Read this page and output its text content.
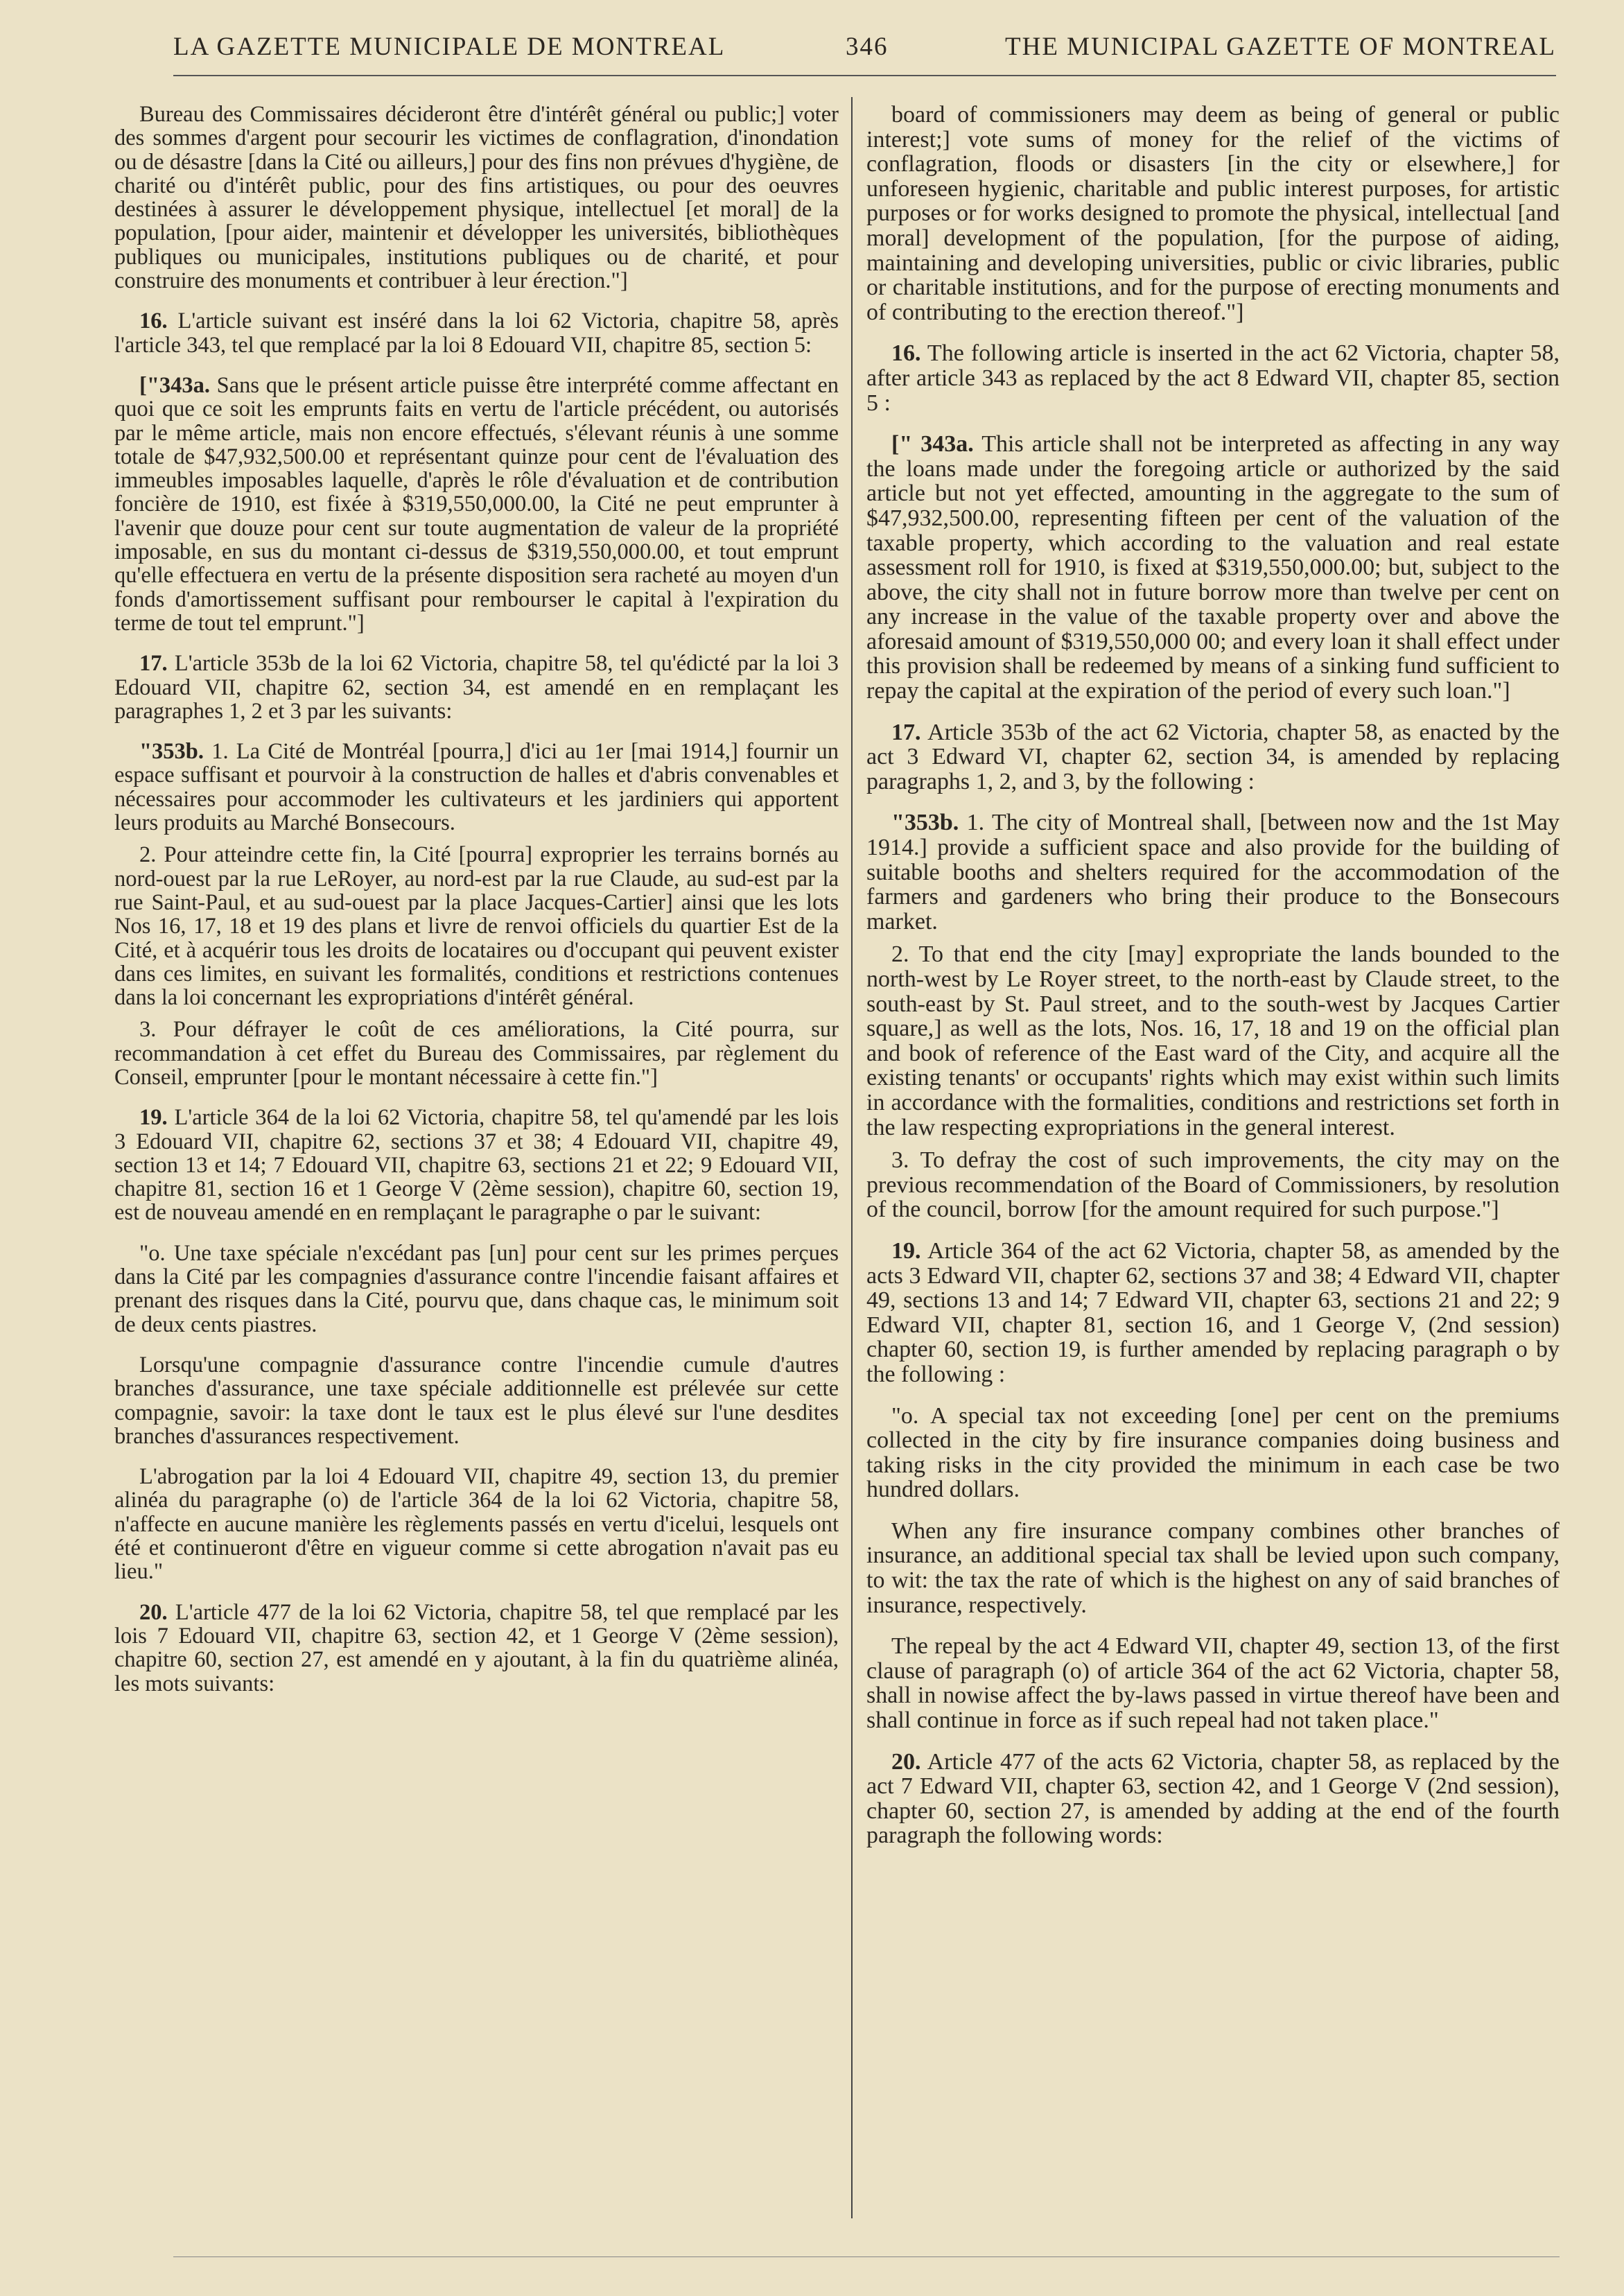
LA GAZETTE MUNICIPALE DE MONTREAL	346	THE MUNICIPAL GAZETTE OF MONTREAL

Bureau des Commissaires décideront être d'intérêt général ou public;] voter des sommes d'argent pour secourir les victimes de conflagration, d'inondation ou de désastre [dans la Cité ou ailleurs,] pour des fins non prévues d'hygiène, de charité ou d'intérêt public, pour des fins artistiques, ou pour des oeuvres destinées à assurer le développement physique, intellectuel [et moral] de la population, [pour aider, maintenir et développer les universités, bibliothèques publiques ou municipales, institutions publiques ou de charité, et pour construire des monuments et contribuer à leur érection."]

16. L'article suivant est inséré dans la loi 62 Victoria, chapitre 58, après l'article 343, tel que remplacé par la loi 8 Edouard VII, chapitre 85, section 5:

["343a. Sans que le présent article puisse être interprété comme affectant en quoi que ce soit les emprunts faits en vertu de l'article précédent, ou autorisés par le même article, mais non encore effectués, s'élevant réunis à une somme totale de $47,932,500.00 et représentant quinze pour cent de l'évaluation des immeubles imposables laquelle, d'après le rôle d'évaluation et de contribution foncière de 1910, est fixée à $319,550,000.00, la Cité ne peut emprunter à l'avenir que douze pour cent sur toute augmentation de valeur de la propriété imposable, en sus du montant ci-dessus de $319,550,000.00, et tout emprunt qu'elle effectuera en vertu de la présente disposition sera racheté au moyen d'un fonds d'amortissement suffisant pour rembourser le capital à l'expiration du terme de tout tel emprunt."]

17. L'article 353b de la loi 62 Victoria, chapitre 58, tel qu'édicté par la loi 3 Edouard VII, chapitre 62, section 34, est amendé en en remplaçant les paragraphes 1, 2 et 3 par les suivants:

"353b. 1. La Cité de Montréal [pourra,] d'ici au 1er [mai 1914,] fournir un espace suffisant et pourvoir à la construction de halles et d'abris convenables et nécessaires pour accommoder les cultivateurs et les jardiniers qui apportent leurs produits au Marché Bonsecours.

2. Pour atteindre cette fin, la Cité [pourra] exproprier les terrains bornés au nord-ouest par la rue LeRoyer, au nord-est par la rue Claude, au sud-est par la rue Saint-Paul, et au sud-ouest par la place Jacques-Cartier] ainsi que les lots Nos 16, 17, 18 et 19 des plans et livre de renvoi officiels du quartier Est de la Cité, et à acquérir tous les droits de locataires ou d'occupant qui peuvent exister dans ces limites, en suivant les formalités, conditions et restrictions contenues dans la loi concernant les expropriations d'intérêt général.

3. Pour défrayer le coût de ces améliorations, la Cité pourra, sur recommandation à cet effet du Bureau des Commissaires, par règlement du Conseil, emprunter [pour le montant nécessaire à cette fin."]

19. L'article 364 de la loi 62 Victoria, chapitre 58, tel qu'amendé par les lois 3 Edouard VII, chapitre 62, sections 37 et 38; 4 Edouard VII, chapitre 49, section 13 et 14; 7 Edouard VII, chapitre 63, sections 21 et 22; 9 Edouard VII, chapitre 81, section 16 et 1 George V (2ème session), chapitre 60, section 19, est de nouveau amendé en en remplaçant le paragraphe o par le suivant:

"o. Une taxe spéciale n'excédant pas [un] pour cent sur les primes perçues dans la Cité par les compagnies d'assurance contre l'incendie faisant affaires et prenant des risques dans la Cité, pourvu que, dans chaque cas, le minimum soit de deux cents piastres.

Lorsqu'une compagnie d'assurance contre l'incendie cumule d'autres branches d'assurance, une taxe spéciale additionnelle est prélevée sur cette compagnie, savoir: la taxe dont le taux est le plus élevé sur l'une desdites branches d'assurances respectivement.

L'abrogation par la loi 4 Edouard VII, chapitre 49, section 13, du premier alinéa du paragraphe (o) de l'article 364 de la loi 62 Victoria, chapitre 58, n'affecte en aucune manière les règlements passés en vertu d'icelui, lesquels ont été et continueront d'être en vigueur comme si cette abrogation n'avait pas eu lieu."

20. L'article 477 de la loi 62 Victoria, chapitre 58, tel que remplacé par les lois 7 Edouard VII, chapitre 63, section 42, et 1 George V (2ème session), chapitre 60, section 27, est amendé en y ajoutant, à la fin du quatrième alinéa, les mots suivants:

board of commissioners may deem as being of general or public interest;] vote sums of money for the relief of the victims of conflagration, floods or disasters [in the city or elsewhere,] for unforeseen hygienic, charitable and public interest purposes, for artistic purposes or for works designed to promote the physical, intellectual [and moral] development of the population, [for the purpose of aiding, maintaining and developing universities, public or civic libraries, public or charitable institutions, and for the purpose of erecting monuments and of contributing to the erection thereof."]

16. The following article is inserted in the act 62 Victoria, chapter 58, after article 343 as replaced by the act 8 Edward VII, chapter 85, section 5 :

[" 343a. This article shall not be interpreted as affecting in any way the loans made under the foregoing article or authorized by the said article but not yet effected, amounting in the aggregate to the sum of $47,932,500.00, representing fifteen per cent of the valuation of the taxable property, which according to the valuation and real estate assessment roll for 1910, is fixed at $319,550,000.00; but, subject to the above, the city shall not in future borrow more than twelve per cent on any increase in the value of the taxable property over and above the aforesaid amount of $319,550,000 00; and every loan it shall effect under this provision shall be redeemed by means of a sinking fund sufficient to repay the capital at the expiration of the period of every such loan."]

17. Article 353b of the act 62 Victoria, chapter 58, as enacted by the act 3 Edward VI, chapter 62, section 34, is amended by replacing paragraphs 1, 2, and 3, by the following :

"353b. 1. The city of Montreal shall, [between now and the 1st May 1914.] provide a sufficient space and also provide for the building of suitable booths and shelters required for the accommodation of the farmers and gardeners who bring their produce to the Bonsecours market.

2. To that end the city [may] expropriate the lands bounded to the north-west by Le Royer street, to the north-east by Claude street, to the south-east by St. Paul street, and to the south-west by Jacques Cartier square,] as well as the lots, Nos. 16, 17, 18 and 19 on the official plan and book of reference of the East ward of the City, and acquire all the existing tenants' or occupants' rights which may exist within such limits in accordance with the formalities, conditions and restrictions set forth in the law respecting expropriations in the general interest.

3. To defray the cost of such improvements, the city may on the previous recommendation of the Board of Commissioners, by resolution of the council, borrow [for the amount required for such purpose."]

19. Article 364 of the act 62 Victoria, chapter 58, as amended by the acts 3 Edward VII, chapter 62, sections 37 and 38; 4 Edward VII, chapter 49, sections 13 and 14; 7 Edward VII, chapter 63, sections 21 and 22; 9 Edward VII, chapter 81, section 16, and 1 George V, (2nd session) chapter 60, section 19, is further amended by replacing paragraph o by the following :

"o. A special tax not exceeding [one] per cent on the premiums collected in the city by fire insurance companies doing business and taking risks in the city provided the minimum in each case be two hundred dollars.

When any fire insurance company combines other branches of insurance, an additional special tax shall be levied upon such company, to wit: the tax the rate of which is the highest on any of said branches of insurance, respectively.

The repeal by the act 4 Edward VII, chapter 49, section 13, of the first clause of paragraph (o) of article 364 of the act 62 Victoria, chapter 58, shall in nowise affect the by-laws passed in virtue thereof have been and shall continue in force as if such repeal had not taken place."

20. Article 477 of the acts 62 Victoria, chapter 58, as replaced by the act 7 Edward VII, chapter 63, section 42, and 1 George V (2nd session), chapter 60, section 27, is amended by adding at the end of the fourth paragraph the following words:
